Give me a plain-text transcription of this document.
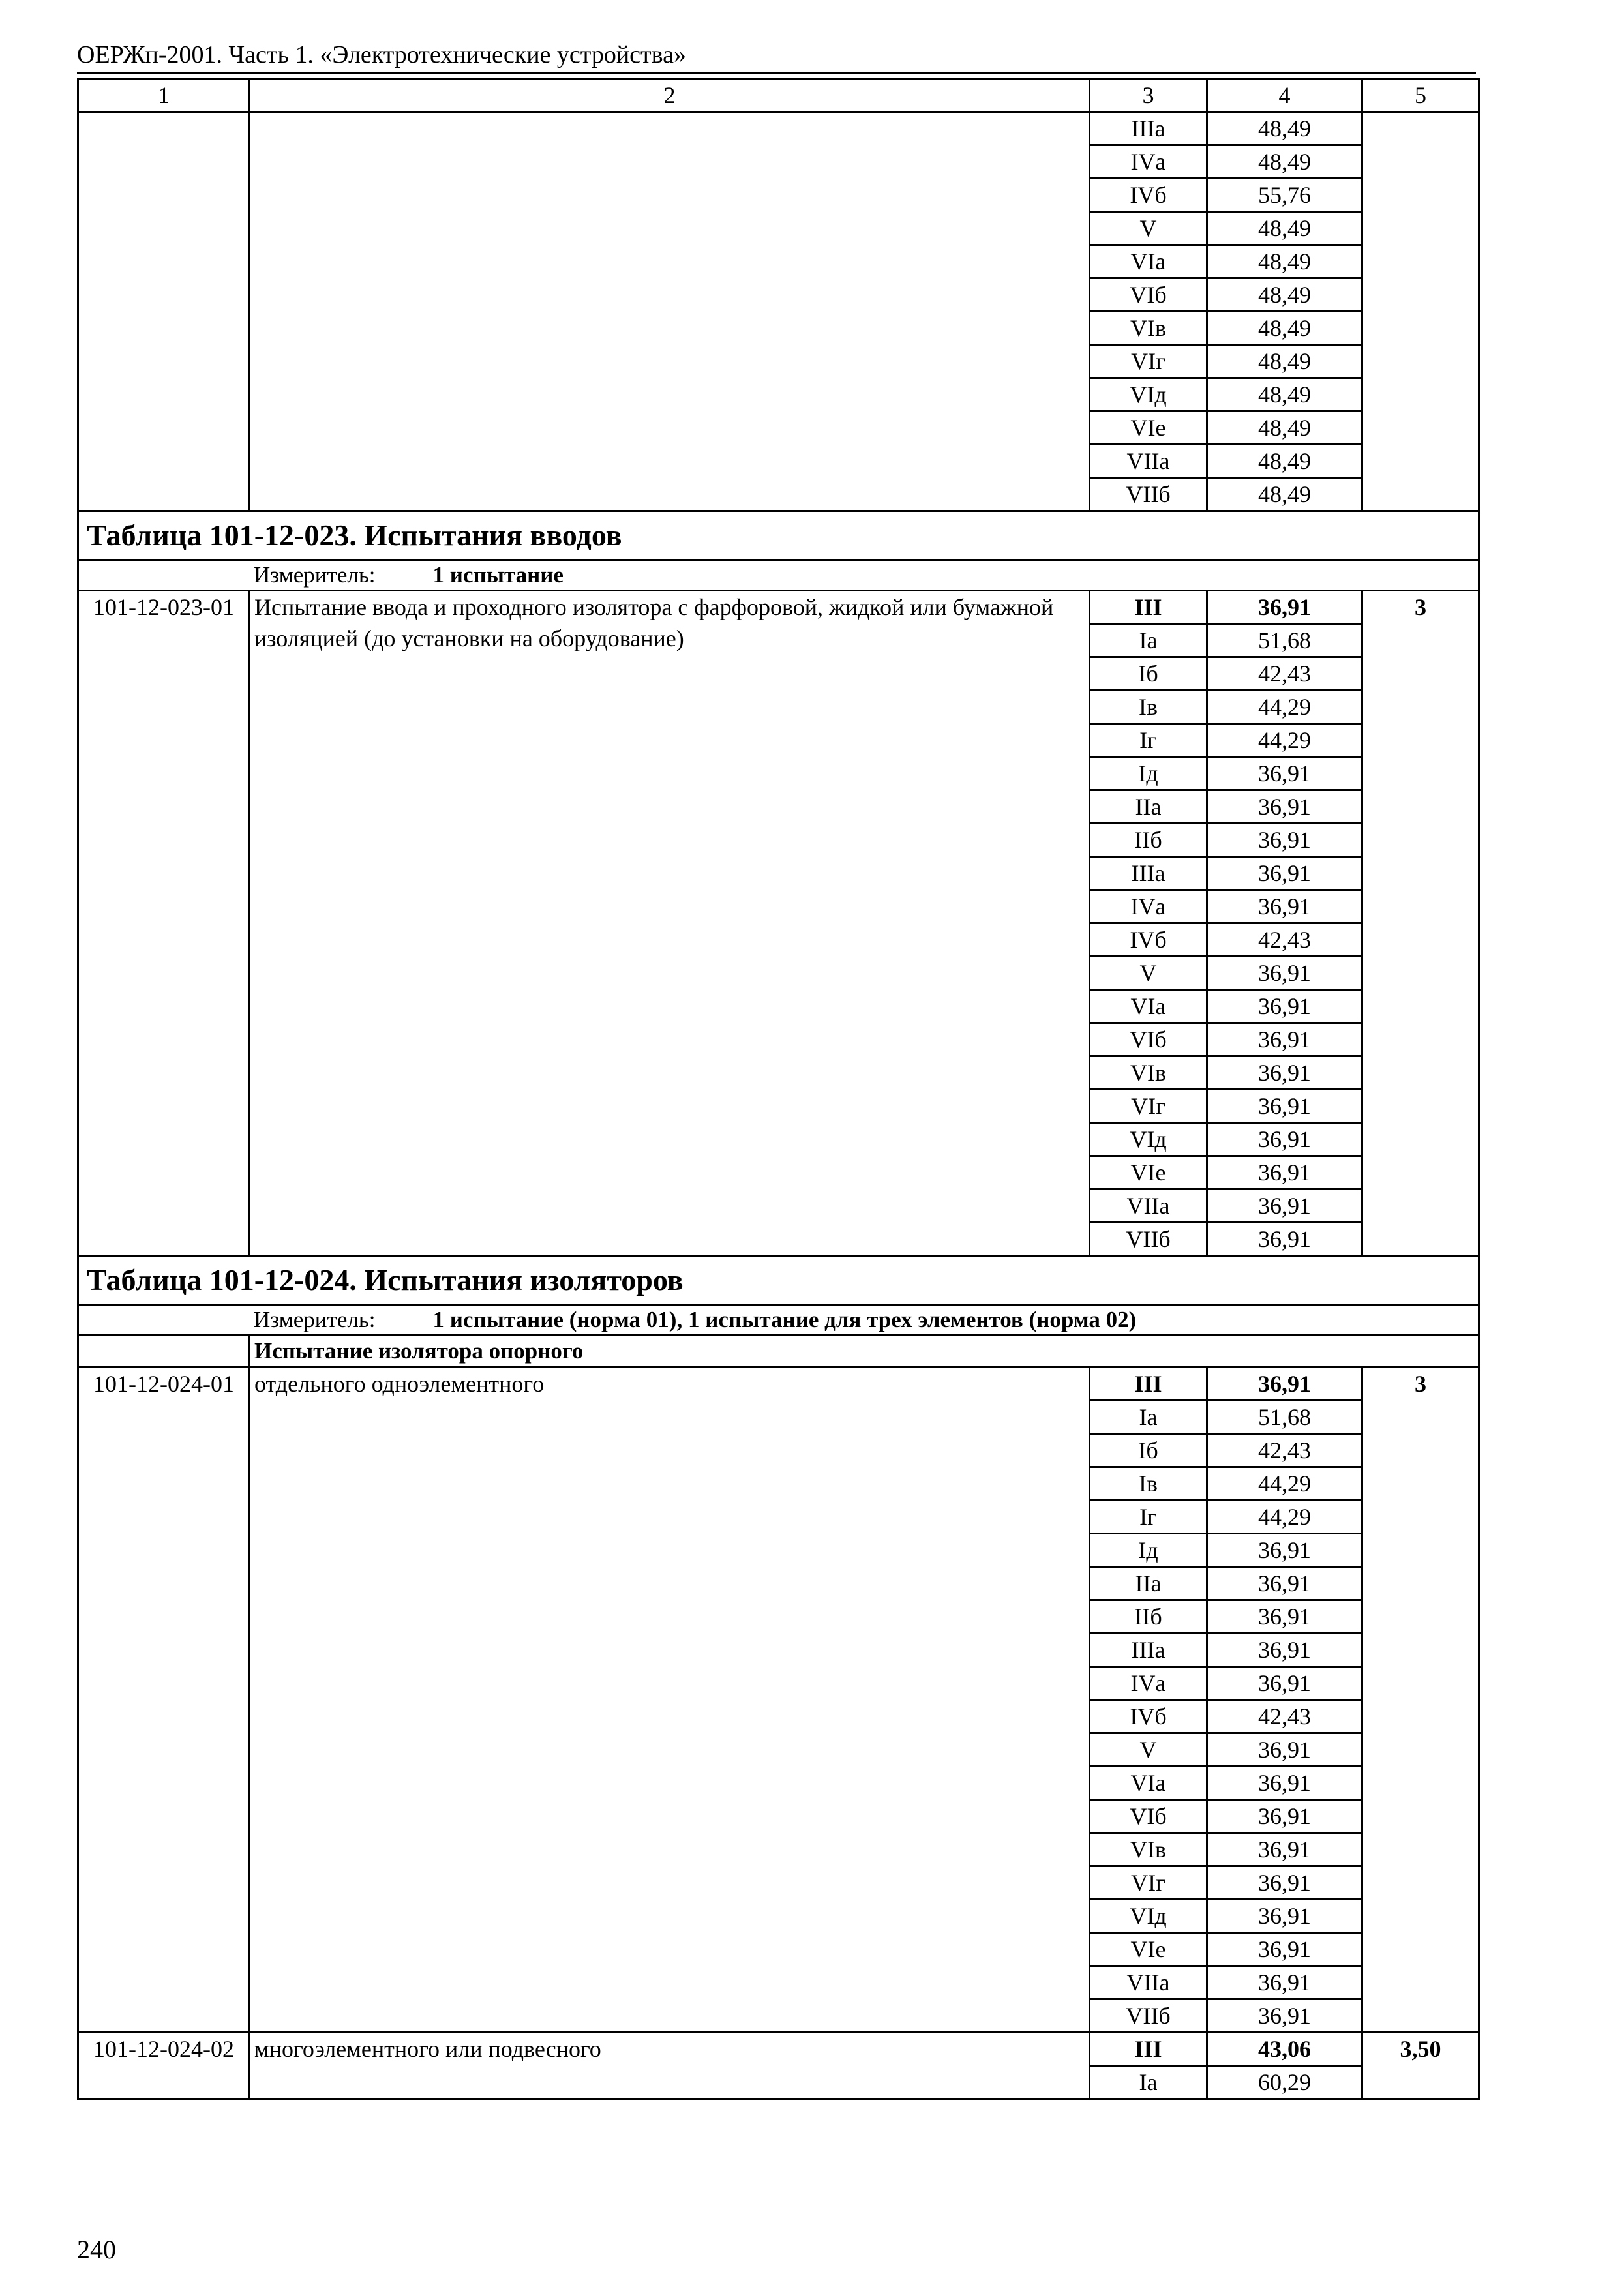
ОЕРЖп-2001. Часть 1. «Электротехнические устройства»
1	2	3	4	5
		IIIа	48,49	
		IVа	48,49	
		IVб	55,76	
		V	48,49	
		VIа	48,49	
		VIб	48,49	
		VIв	48,49	
		VIг	48,49	
		VIд	48,49	
		VIе	48,49	
		VIIа	48,49	
		VIIб	48,49	
Таблица 101-12-023. Испытания вводов				
Измеритель: 1 испытание				
101-12-023-01	Испытание ввода и проходного изолятора с фарфоровой, жидкой или бумажной изоляцией (до установки на оборудование)	III	36,91	3
		Iа	51,68	
		Iб	42,43	
		Iв	44,29	
		Iг	44,29	
		Iд	36,91	
		IIа	36,91	
		IIб	36,91	
		IIIа	36,91	
		IVа	36,91	
		IVб	42,43	
		V	36,91	
		VIа	36,91	
		VIб	36,91	
		VIв	36,91	
		VIг	36,91	
		VIд	36,91	
		VIе	36,91	
		VIIа	36,91	
		VIIб	36,91	
Таблица 101-12-024. Испытания изоляторов				
Измеритель: 1 испытание (норма 01), 1 испытание для трех элементов (норма 02)				
	Испытание изолятора опорного			
101-12-024-01	отдельного одноэлементного	III	36,91	3
		Iа	51,68	
		Iб	42,43	
		Iв	44,29	
		Iг	44,29	
		Iд	36,91	
		IIа	36,91	
		IIб	36,91	
		IIIа	36,91	
		IVа	36,91	
		IVб	42,43	
		V	36,91	
		VIа	36,91	
		VIб	36,91	
		VIв	36,91	
		VIг	36,91	
		VIд	36,91	
		VIе	36,91	
		VIIа	36,91	
		VIIб	36,91	
101-12-024-02	многоэлементного или подвесного	III	43,06	3,50
		Iа	60,29	
240
